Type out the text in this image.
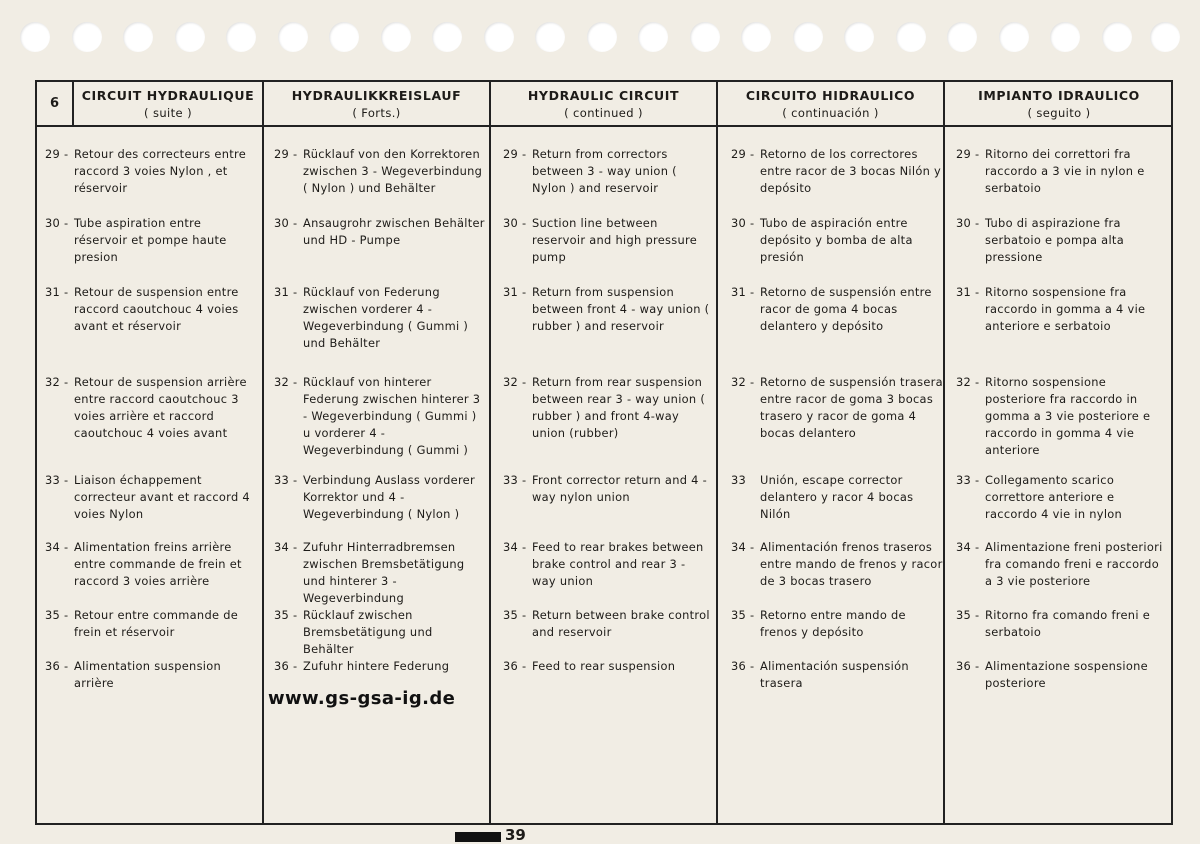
6
CIRCUIT HYDRAULIQUE
( suite )
HYDRAULIKKREISLAUF
( Forts.)
HYDRAULIC CIRCUIT
( continued )
CIRCUITO HIDRAULICO
( continuación )
IMPIANTO IDRAULICO
( seguito )
www.gs-gsa-ig.de
39
29 - Retour des correcteurs entre raccord 3 voies Nylon , et réservoir
30 - Tube aspiration entre réservoir et pompe haute presion
31 - Retour de suspension entre raccord caoutchouc 4 voies avant et réservoir
32 - Retour de suspension arrière entre raccord caoutchouc 3 voies arrière et raccord caoutchouc 4 voies avant
33 - Liaison échappement correcteur avant et raccord 4 voies Nylon
34 - Alimentation freins arrière entre commande de frein et raccord 3 voies arrière
35 - Retour entre commande de frein et réservoir
36 - Alimentation suspension arrière
29 - Rücklauf von den Korrektoren zwischen 3 - Wegeverbindung ( Nylon ) und Behälter
30 - Ansaugrohr zwischen Behälter und HD - Pumpe
31 - Rücklauf von Federung zwischen vorderer 4 - Wegeverbindung ( Gummi ) und Behälter
32 - Rücklauf von hinterer Federung zwischen hinterer 3 - Wegeverbindung ( Gummi ) u vorderer 4 - Wegeverbindung ( Gummi )
33 - Verbindung Auslass vorderer Korrektor und 4 - Wegeverbindung ( Nylon )
34 - Zufuhr Hinterradbremsen zwischen Bremsbetätigung und hinterer 3 - Wegeverbindung
35 - Rücklauf zwischen Bremsbetätigung und Behälter
36 - Zufuhr hintere Federung
29 - Return from correctors between 3 - way union ( Nylon ) and reservoir
30 - Suction line between reservoir and high pressure pump
31 - Return from suspension between front 4 - way union ( rubber ) and reservoir
32 - Return from rear suspension between rear 3 - way union ( rubber ) and front 4-way union (rubber)
33 - Front corrector return and 4 - way nylon union
34 - Feed to rear brakes between brake control and rear 3 - way union
35 - Return between brake control and reservoir
36 - Feed to rear suspension
29 - Retorno de los correctores entre racor de 3 bocas Nilón y depósito
30 - Tubo de aspiración entre depósito y bomba de alta presión
31 - Retorno de suspensión entre racor de goma 4 bocas delantero y depósito
32 - Retorno de suspensión trasera entre racor de goma 3 bocas trasero y racor de goma 4 bocas delantero
33 Unión, escape corrector delantero y racor 4 bocas Nilón
34 - Alimentación frenos traseros entre mando de frenos y racor de 3 bocas trasero
35 - Retorno entre mando de frenos y depósito
36 - Alimentación suspensión trasera
29 - Ritorno dei correttori fra raccordo a 3 vie in nylon e serbatoio
30 - Tubo di aspirazione fra serbatoio e pompa alta pressione
31 - Ritorno sospensione fra raccordo in gomma a 4 vie anteriore e serbatoio
32 - Ritorno sospensione posteriore fra raccordo in gomma a 3 vie posteriore e raccordo in gomma 4 vie anteriore
33 - Collegamento scarico correttore anteriore e raccordo 4 vie in nylon
34 - Alimentazione freni posteriori fra comando freni e raccordo a 3 vie posteriore
35 - Ritorno fra comando freni e serbatoio
36 - Alimentazione sospensione posteriore
